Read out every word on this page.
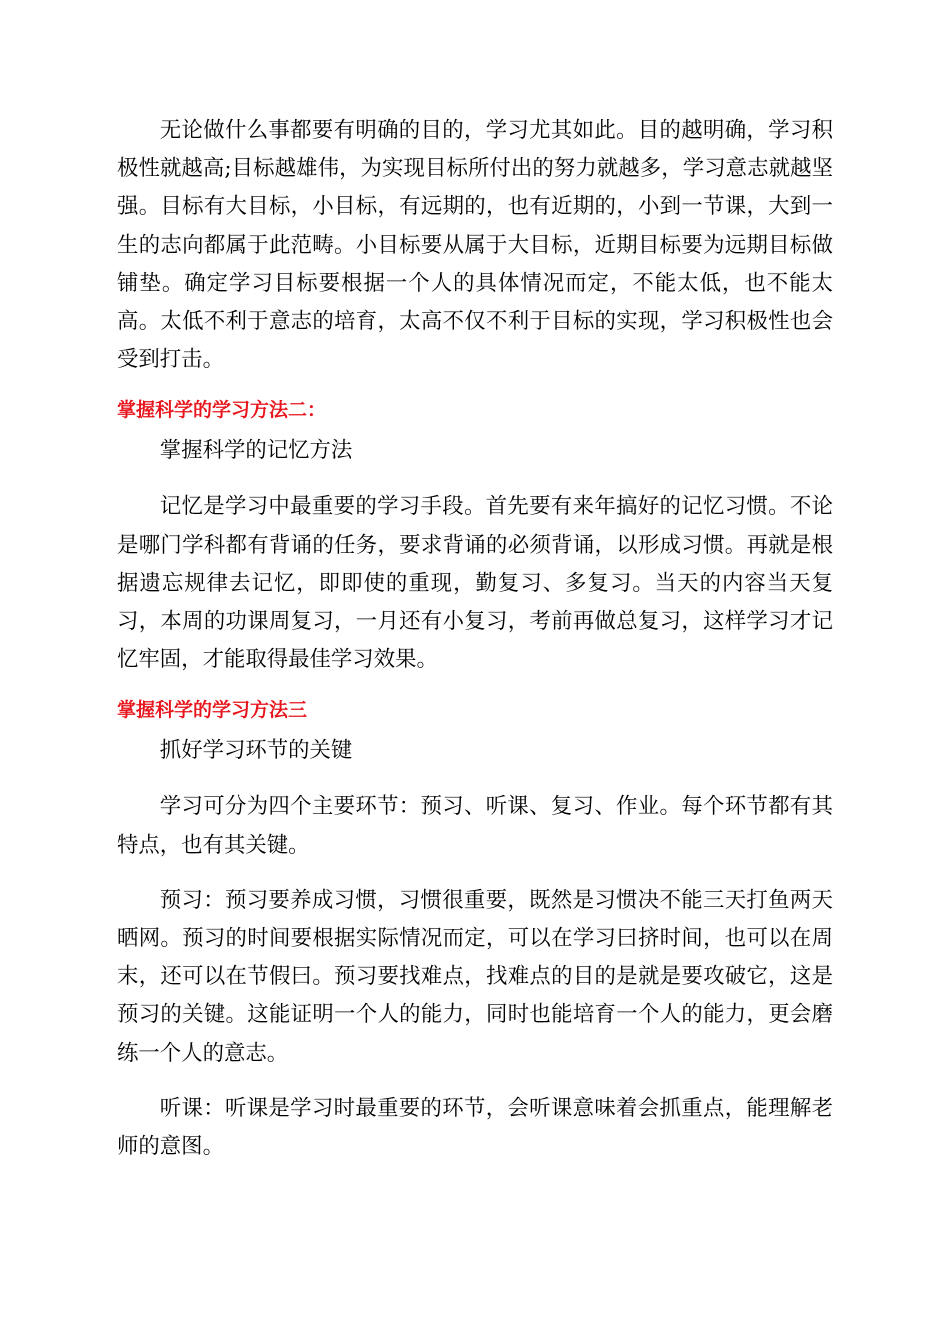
无论做什么事都要有明确的目的，学习尤其如此。目的越明确，学习积极性就越高;目标越雄伟，为实现目标所付出的努力就越多，学习意志就越坚强。目标有大目标，小目标，有远期的，也有近期的，小到一节课，大到一生的志向都属于此范畴。小目标要从属于大目标，近期目标要为远期目标做铺垫。确定学习目标要根据一个人的具体情况而定，不能太低，也不能太高。太低不利于意志的培育，太高不仅不利于目标的实现，学习积极性也会受到打击。

掌握科学的学习方法二：
掌握科学的记忆方法

记忆是学习中最重要的学习手段。首先要有来年搞好的记忆习惯。不论是哪门学科都有背诵的任务，要求背诵的必须背诵，以形成习惯。再就是根据遗忘规律去记忆，即即使的重现，勤复习、多复习。当天的内容当天复习，本周的功课周复习，一月还有小复习，考前再做总复习，这样学习才记忆牢固，才能取得最佳学习效果。

掌握科学的学习方法三
抓好学习环节的关键

学习可分为四个主要环节：预习、听课、复习、作业。每个环节都有其特点，也有其关键。

预习：预习要养成习惯，习惯很重要，既然是习惯决不能三天打鱼两天晒网。预习的时间要根据实际情况而定，可以在学习曰挤时间，也可以在周末，还可以在节假曰。预习要找难点，找难点的目的是就是要攻破它，这是预习的关键。这能证明一个人的能力，同时也能培育一个人的能力，更会磨练一个人的意志。

听课：听课是学习时最重要的环节，会听课意味着会抓重点，能理解老师的意图。
